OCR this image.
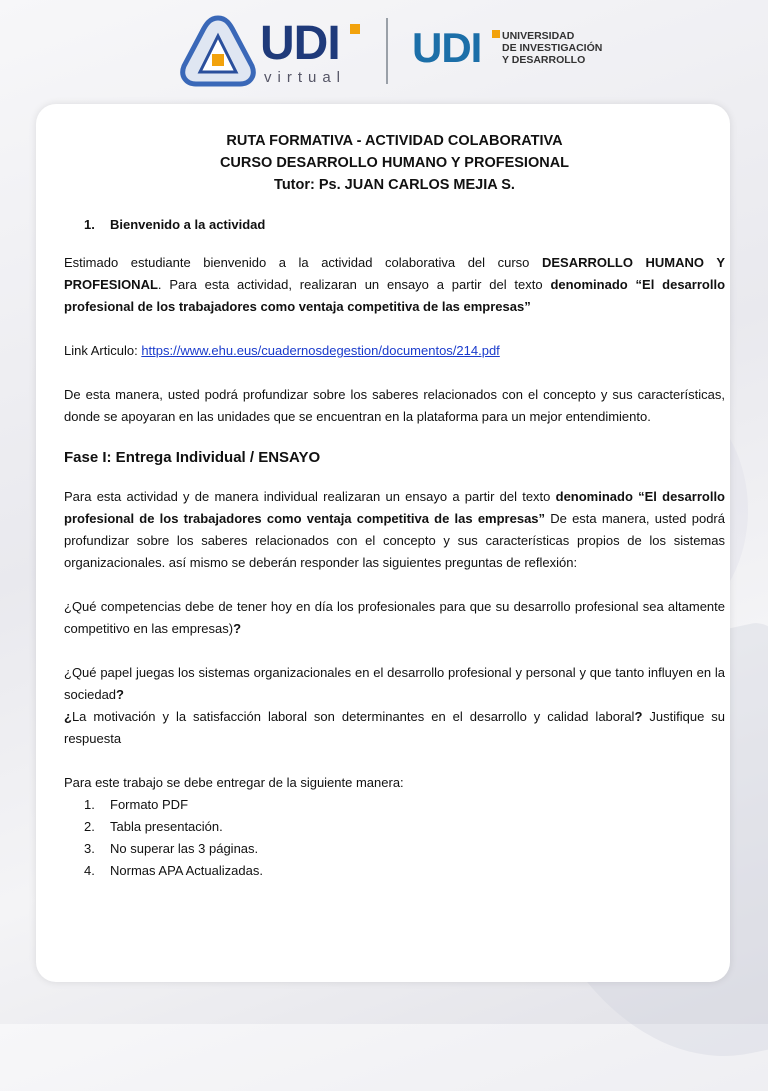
UDI
virtual
UDI UNIVERSIDAD
DE INVESTIGACIÓN
Y DESARROLLO
RUTA FORMATIVA - ACTIVIDAD COLABORATIVA
CURSO DESARROLLO HUMANO Y PROFESIONAL
Tutor: Ps. JUAN CARLOS MEJIA S.
1.	Bienvenido a la actividad

Estimado estudiante bienvenido a la actividad colaborativa del curso DESARROLLO HUMANO Y PROFESIONAL. Para esta actividad, realizaran un ensayo a partir del texto denominado “El desarrollo profesional de los trabajadores como ventaja competitiva de las empresas”

Link Articulo: https://www.ehu.eus/cuadernosdegestion/documentos/214.pdf

De esta manera, usted podrá profundizar sobre los saberes relacionados con el concepto y sus características, donde se apoyaran en las unidades que se encuentran en la plataforma para un mejor entendimiento.

Fase I: Entrega Individual / ENSAYO

Para esta actividad y de manera individual realizaran un ensayo a partir del texto denominado “El desarrollo profesional de los trabajadores como ventaja competitiva de las empresas” De esta manera, usted podrá profundizar sobre los saberes relacionados con el concepto y sus características propios de los sistemas organizacionales. así mismo se deberán responder las siguientes preguntas de reflexión:

¿Qué competencias debe de tener hoy en día los profesionales para que su desarrollo profesional sea altamente competitivo en las empresas)?

¿Qué papel juegas los sistemas organizacionales en el desarrollo profesional y personal y que tanto influyen en la sociedad?

¿La motivación y la satisfacción laboral son determinantes en el desarrollo y calidad laboral? Justifique su respuesta

Para este trabajo se debe entregar de la siguiente manera:

1.	Formato PDF
2.	Tabla presentación.
3.	No superar las 3 páginas.
4.	Normas APA Actualizadas.
